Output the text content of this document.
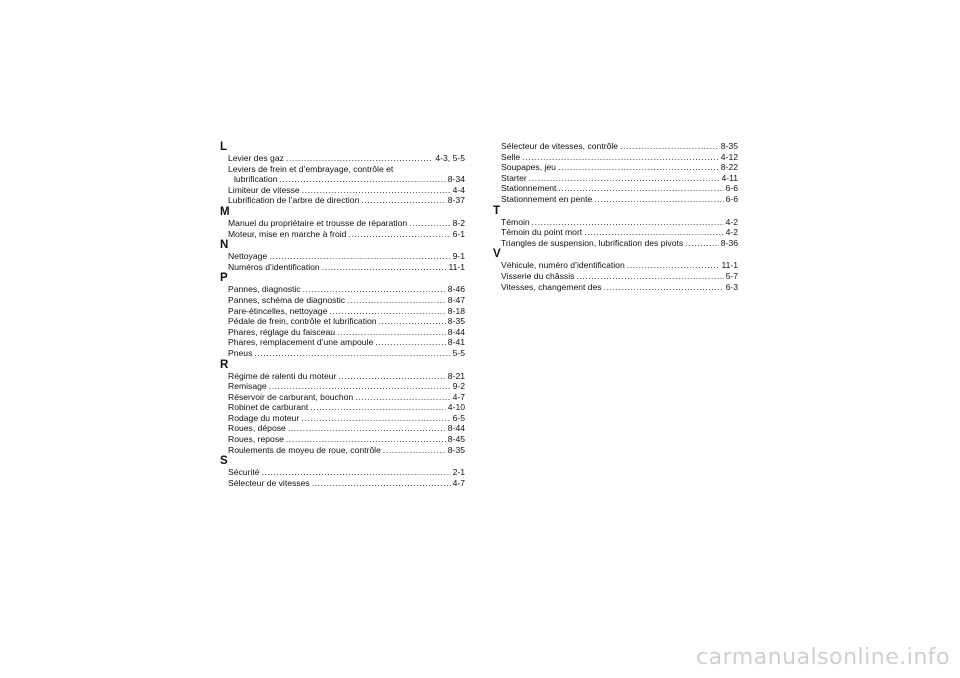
L
Levier des gaz .....	4-3, 5-5
Leviers de frein et d’embrayage, contrôle et
lubrification .....	8-34
Limiteur de vitesse .....	4-4
Lubrification de l’arbre de direction .....	8-37
M
Manuel du propriétaire et trousse de réparation .....	8-2
Moteur, mise en marche à froid .....	6-1
N
Nettoyage .....	9-1
Numéros d’identification .....	11-1
P
Pannes, diagnostic .....	8-46
Pannes, schéma de diagnostic .....	8-47
Pare-étincelles, nettoyage .....	8-18
Pédale de frein, contrôle et lubrification .....	8-35
Phares, réglage du faisceau .....	8-44
Phares, remplacement d’une ampoule .....	8-41
Pneus .....	5-5
R
Régime de ralenti du moteur .....	8-21
Remisage .....	9-2
Réservoir de carburant, bouchon .....	4-7
Robinet de carburant .....	4-10
Rodage du moteur .....	6-5
Roues, dépose .....	8-44
Roues, repose .....	8-45
Roulements de moyeu de roue, contrôle .....	8-35
S
Sécurité .....	2-1
Sélecteur de vitesses .....	4-7
Sélecteur de vitesses, contrôle .....	8-35
Selle .....	4-12
Soupapes, jeu .....	8-22
Starter .....	4-11
Stationnement .....	6-6
Stationnement en pente .....	6-6
T
Témoin .....	4-2
Témoin du point mort .....	4-2
Triangles de suspension, lubrification des pivots .....	8-36
V
Véhicule, numéro d’identification .....	11-1
Visserie du châssis .....	5-7
Vitesses, changement des .....	6-3
carmanualsonline.info
